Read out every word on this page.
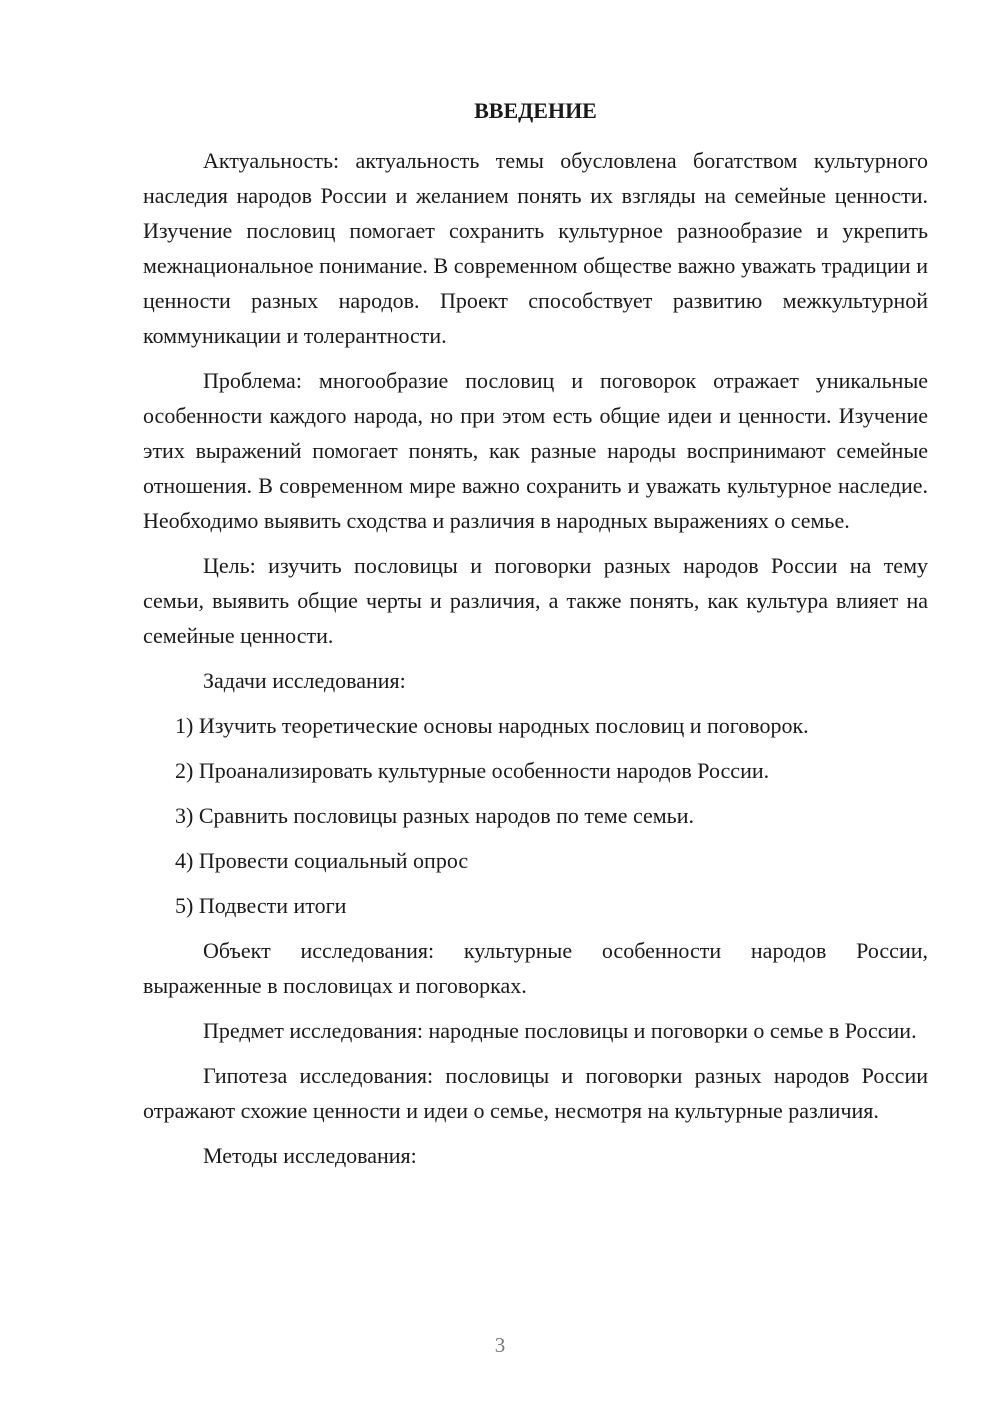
ВВЕДЕНИЕ

Актуальность: актуальность темы обусловлена богатством культурного наследия народов России и желанием понять их взгляды на семейные ценности. Изучение пословиц помогает сохранить культурное разнообразие и укрепить межнациональное понимание. В современном обществе важно уважать традиции и ценности разных народов. Проект способствует развитию межкультурной коммуникации и толерантности.

Проблема: многообразие пословиц и поговорок отражает уникальные особенности каждого народа, но при этом есть общие идеи и ценности. Изучение этих выражений помогает понять, как разные народы воспринимают семейные отношения. В современном мире важно сохранить и уважать культурное наследие. Необходимо выявить сходства и различия в народных выражениях о семье.

Цель: изучить пословицы и поговорки разных народов России на тему семьи, выявить общие черты и различия, а также понять, как культура влияет на семейные ценности.

Задачи исследования:

1) Изучить теоретические основы народных пословиц и поговорок.
2) Проанализировать культурные особенности народов России.
3) Сравнить пословицы разных народов по теме семьи.
4) Провести социальный опрос
5) Подвести итоги

Объект исследования: культурные особенности народов России, выраженные в пословицах и поговорках.

Предмет исследования: народные пословицы и поговорки о семье в России.

Гипотеза исследования: пословицы и поговорки разных народов России отражают схожие ценности и идеи о семье, несмотря на культурные различия.

Методы исследования:

3
